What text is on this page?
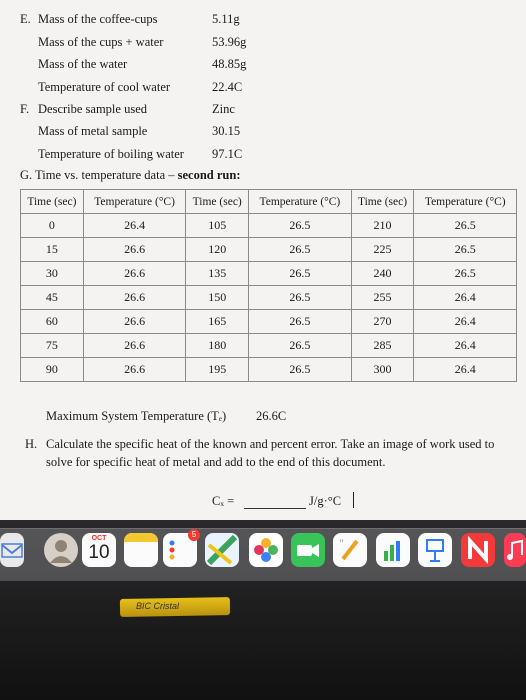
E. Mass of the coffee-cups	5.11g
Mass of the cups + water	53.96g
Mass of the water	48.85g
Temperature of cool water	22.4C
F. Describe sample used	Zinc
Mass of metal sample	30.15
Temperature of boiling water 97.1C
G. Time vs. temperature data – second run:
Time (sec)	Temperature (°C)	Time (sec)	Temperature (°C)	Time (sec)	Temperature (°C)
0	26.4	105	26.5	210	26.5
15	26.6	120	26.5	225	26.5
30	26.6	135	26.5	240	26.5
45	26.6	150	26.5	255	26.4
60	26.6	165	26.5	270	26.4
75	26.6	180	26.5	285	26.4
90	26.6	195	26.5	300	26.4
Maximum System Temperature (Tₑ) 26.6C
H. Calculate the specific heat of the known and percent error. Take an image of work used to
solve for specific heat of metal and add to the end of this document.
Cₓ =	J/g·°C
OCT
10
5
"
BIC Cristal
